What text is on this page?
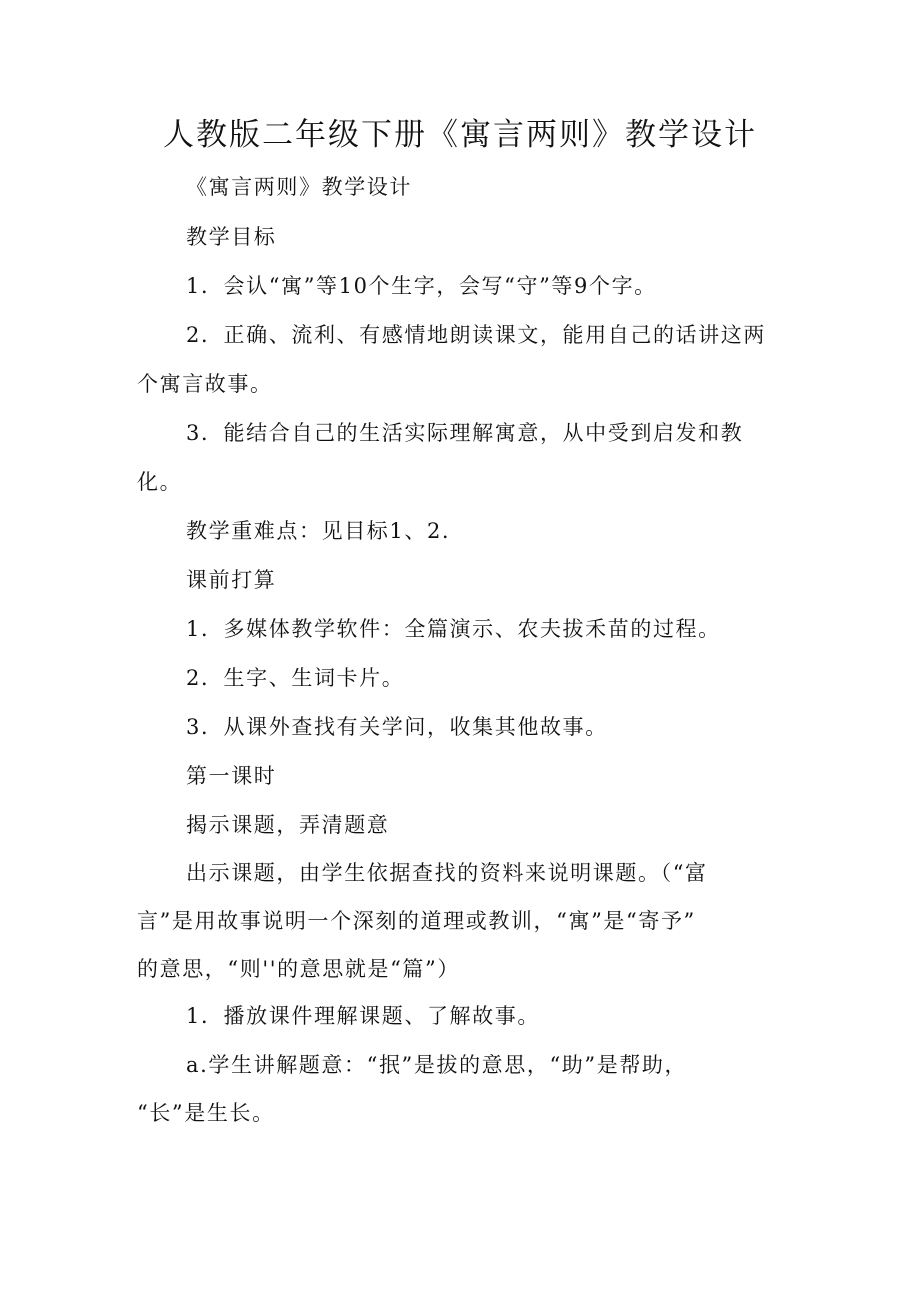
人教版二年级下册《寓言两则》教学设计
《寓言两则》教学设计
教学目标
1．会认“寓”等10个生字，会写“守”等9个字。
2．正确、流利、有感情地朗读课文，能用自己的话讲这两
个寓言故事。
3．能结合自己的生活实际理解寓意，从中受到启发和教
化。
教学重难点：见目标1、2.
课前打算
1．多媒体教学软件：全篇演示、农夫拔禾苗的过程。
2．生字、生词卡片。
3．从课外查找有关学问，收集其他故事。
第一课时
揭示课题，弄清题意
出示课题，由学生依据查找的资料来说明课题。（“富
言”是用故事说明一个深刻的道理或教训，“寓”是“寄予”
的意思，“则''的意思就是“篇”）
1．播放课件理解课题、了解故事。
a.学生讲解题意：“抿”是拔的意思，“助”是帮助，
“长”是生长。
